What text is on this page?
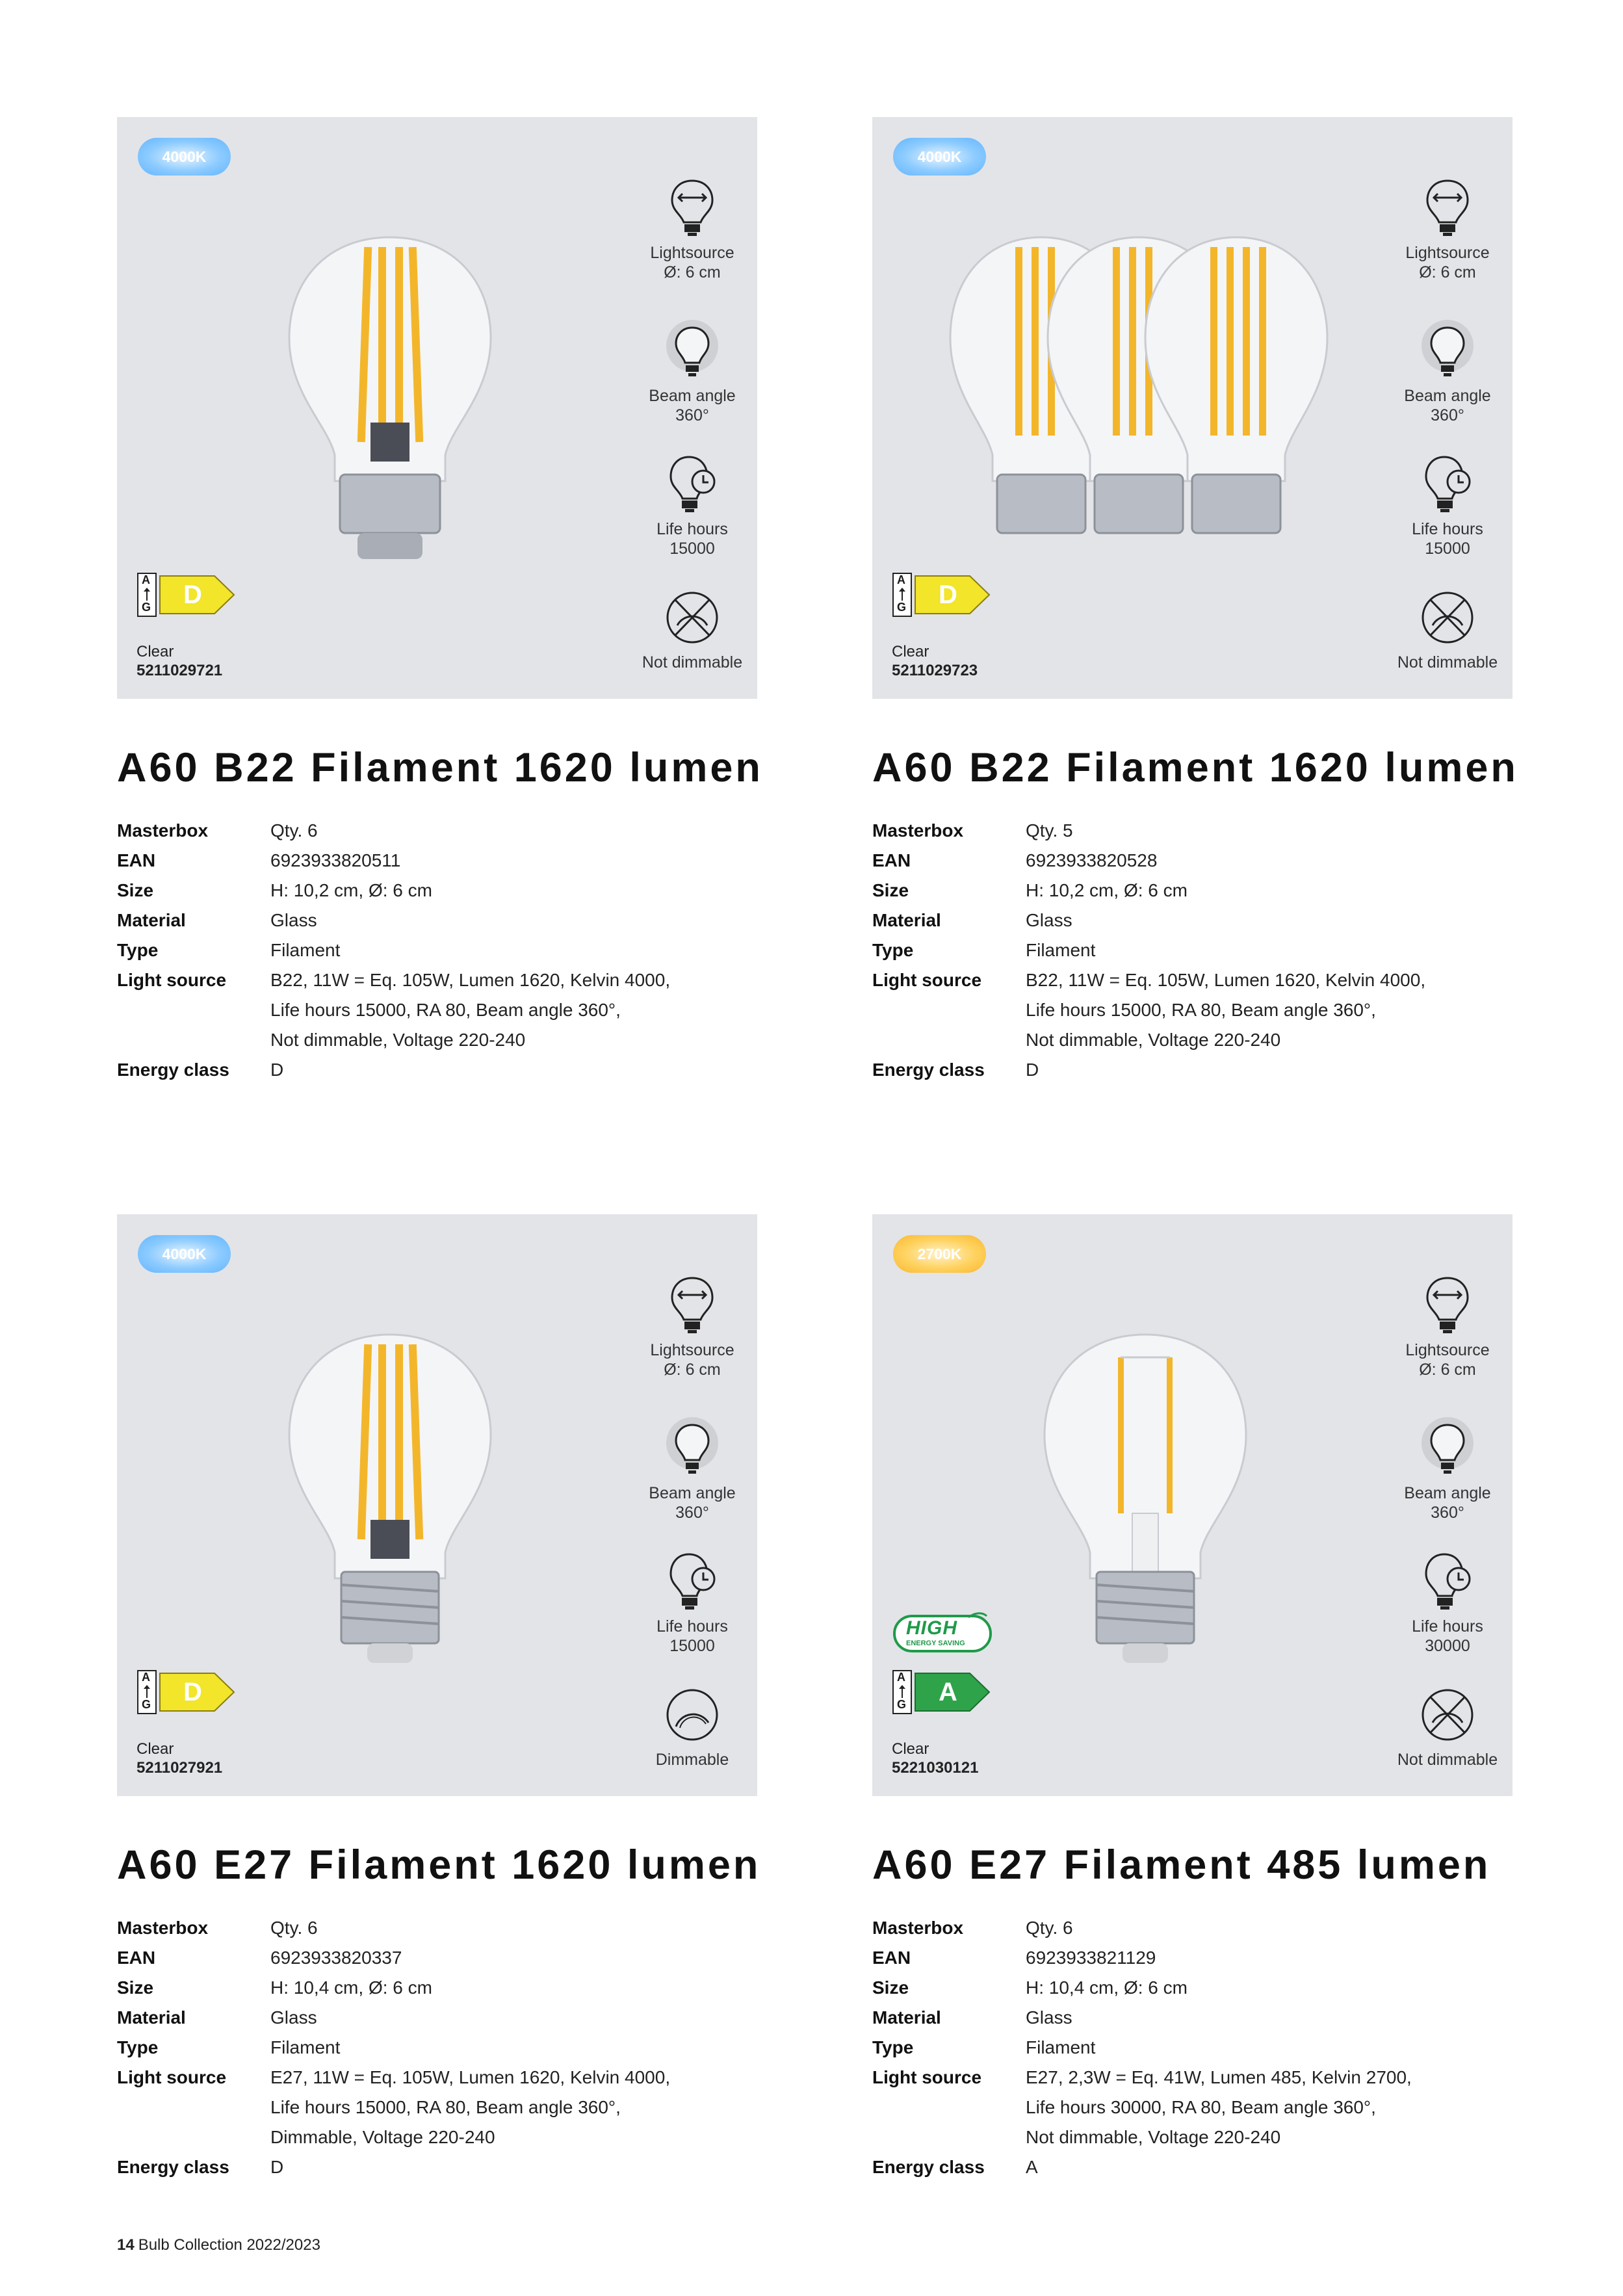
4000K
Lightsource
Ø: 6 cm
Beam angle
360°
Life hours
15000
Not dimmable
A
G D
Clear
5211029721
A60 B22 Filament 1620 lumen
Masterbox	Qty. 6
EAN	6923933820511
Size	H: 10,2 cm, Ø: 6 cm
Material	Glass
Type	Filament
Light source	B22, 11W = Eq. 105W, Lumen 1620, Kelvin 4000,
Life hours 15000, RA 80, Beam angle 360°,
Not dimmable, Voltage 220-240
Energy class	D
4000K
Lightsource
Ø: 6 cm
Beam angle
360°
Life hours
15000
Not dimmable
A
G D
Clear
5211029723
A60 B22 Filament 1620 lumen
Masterbox	Qty. 5
EAN	6923933820528
Size	H: 10,2 cm, Ø: 6 cm
Material	Glass
Type	Filament
Light source	B22, 11W = Eq. 105W, Lumen 1620, Kelvin 4000,
Life hours 15000, RA 80, Beam angle 360°,
Not dimmable, Voltage 220-240
Energy class	D
4000K
Lightsource
Ø: 6 cm
Beam angle
360°
Life hours
15000
Dimmable
A
G D
Clear
5211027921
A60 E27 Filament 1620 lumen
Masterbox	Qty. 6
EAN	6923933820337
Size	H: 10,4 cm, Ø: 6 cm
Material	Glass
Type	Filament
Light source	E27, 11W = Eq. 105W, Lumen 1620, Kelvin 4000,
Life hours 15000, RA 80, Beam angle 360°,
Dimmable, Voltage 220-240
Energy class	D
2700K
Lightsource
Ø: 6 cm
Beam angle
360°
Life hours
30000
Not dimmable
HIGH
ENERGY SAVING
A
G A
Clear
5221030121
A60 E27 Filament 485 lumen
Masterbox	Qty. 6
EAN	6923933821129
Size	H: 10,4 cm, Ø: 6 cm
Material	Glass
Type	Filament
Light source	E27, 2,3W = Eq. 41W, Lumen 485, Kelvin 2700,
Life hours 30000, RA 80, Beam angle 360°,
Not dimmable, Voltage 220-240
Energy class	A
14 Bulb Collection 2022/2023
